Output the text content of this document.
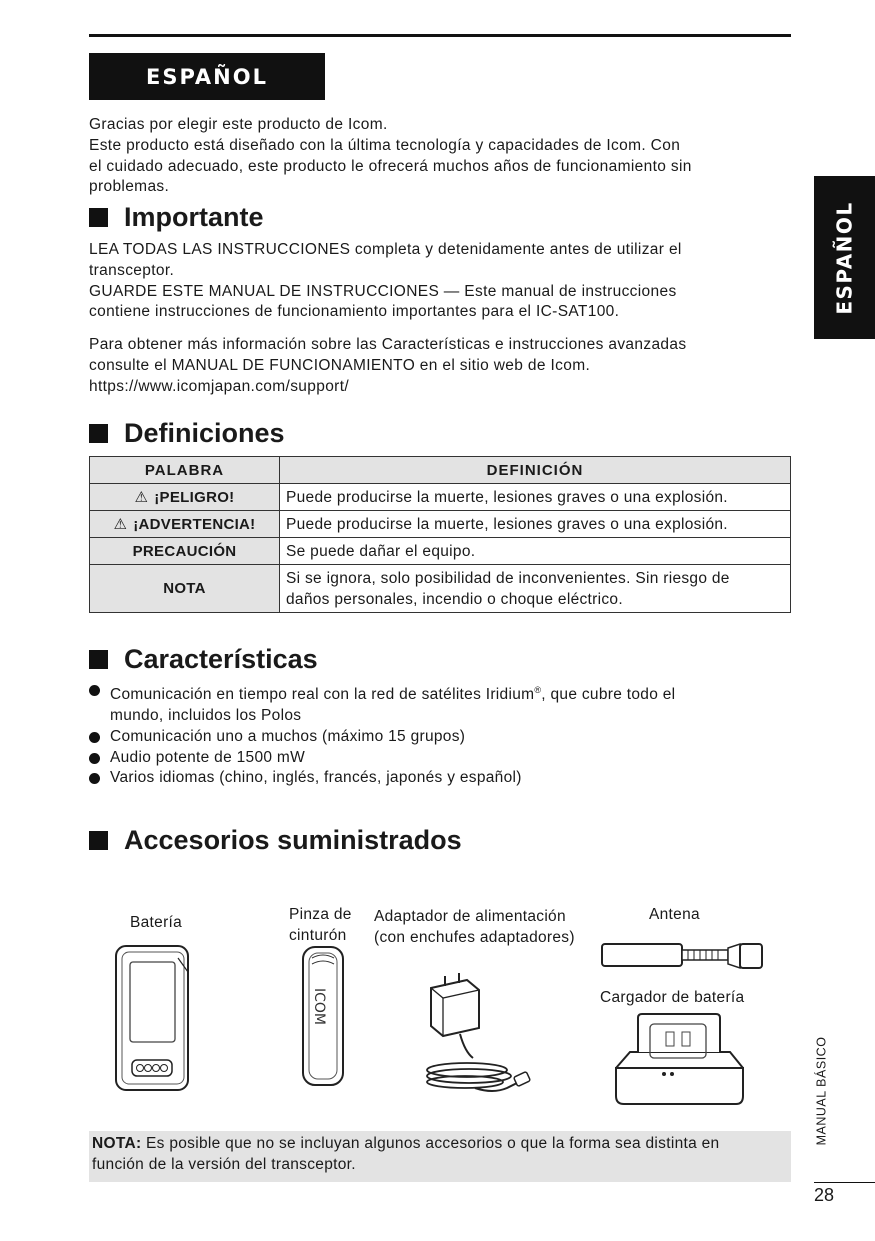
ESPAÑOL
ESPAÑOL

Gracias por elegir este producto de Icom.
Este producto está diseñado con la última tecnología y capacidades de Icom. Con
el cuidado adecuado, este producto le ofrecerá muchos años de funcionamiento sin
problemas.

Importante

LEA TODAS LAS INSTRUCCIONES completa y detenidamente antes de utilizar el
transceptor.
GUARDE ESTE MANUAL DE INSTRUCCIONES — Este manual de instrucciones
contiene instrucciones de funcionamiento importantes para el IC-SAT100.

Para obtener más información sobre las Características e instrucciones avanzadas
consulte el MANUAL DE FUNCIONAMIENTO en el sitio web de Icom.
https://www.icomjapan.com/support/

Definiciones
PALABRA	DEFINICIÓN
⚠ ¡PELIGRO!	Puede producirse la muerte, lesiones graves o una explosión.
⚠ ¡ADVERTENCIA!	Puede producirse la muerte, lesiones graves o una explosión.
PRECAUCIÓN	Se puede dañar el equipo.
NOTA	Si se ignora, solo posibilidad de inconvenientes. Sin riesgo de
daños personales, incendio o choque eléctrico.
Características
Comunicación en tiempo real con la red de satélites Iridium®, que cubre todo el
mundo, incluidos los Polos
Comunicación uno a muchos (máximo 15 grupos)
Audio potente de 1500 mW
Varios idiomas (chino, inglés, francés, japonés y español)
Accesorios suministrados
Batería	Pinza de
cinturón
Adaptador de alimentación
(con enchufes adaptadores)
Antena
Cargador de batería
ICOM
NOTA: Es posible que no se incluyan algunos accesorios o que la forma sea distinta en
función de la versión del transceptor.
MANUAL BÁSICO
28
